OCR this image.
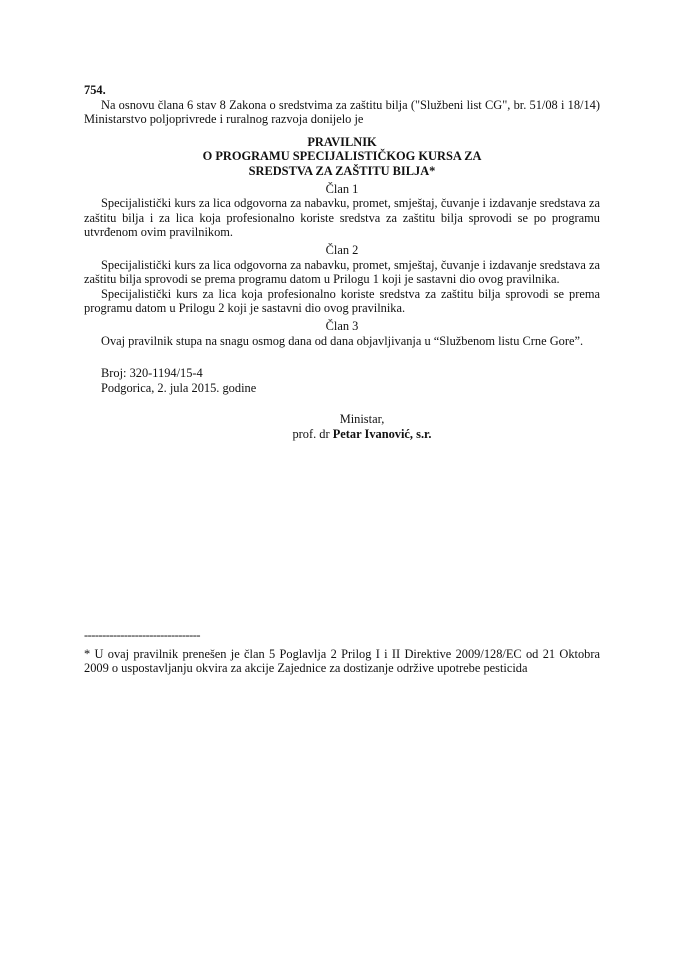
754.

Na osnovu člana 6 stav 8 Zakona o sredstvima za zaštitu bilja ("Službeni list CG", br. 51/08 i 18/14) Ministarstvo poljoprivrede i ruralnog razvoja donijelo je

PRAVILNIK

O PROGRAMU SPECIJALISTIČKOG KURSA ZA

SREDSTVA ZA ZAŠTITU BILJA*

Član 1

Specijalistički kurs za lica odgovorna za nabavku, promet, smještaj, čuvanje i izdavanje sredstava za zaštitu bilja i za lica koja profesionalno koriste sredstva za zaštitu bilja sprovodi se po programu utvrđenom ovim pravilnikom.

Član 2

Specijalistički kurs za lica odgovorna za nabavku, promet, smještaj, čuvanje i izdavanje sredstava za zaštitu bilja sprovodi se prema programu datom u Prilogu 1 koji je sastavni dio ovog pravilnika.

Specijalistički kurs za lica koja profesionalno koriste sredstva za zaštitu bilja sprovodi se prema programu datom u Prilogu 2 koji je sastavni dio ovog pravilnika.

Član 3

Ovaj pravilnik stupa na snagu osmog dana od dana objavljivanja u “Službenom listu Crne Gore”.

Broj: 320-1194/15-4

Podgorica, 2. jula 2015. godine

Ministar,

prof. dr Petar Ivanović, s.r.

--------------------------------

* U ovaj pravilnik prenešen je član 5 Poglavlja 2 Prilog I i II Direktive 2009/128/EC od 21 Oktobra 2009 o uspostavljanju okvira za akcije Zajednice za dostizanje održive upotrebe pesticida
